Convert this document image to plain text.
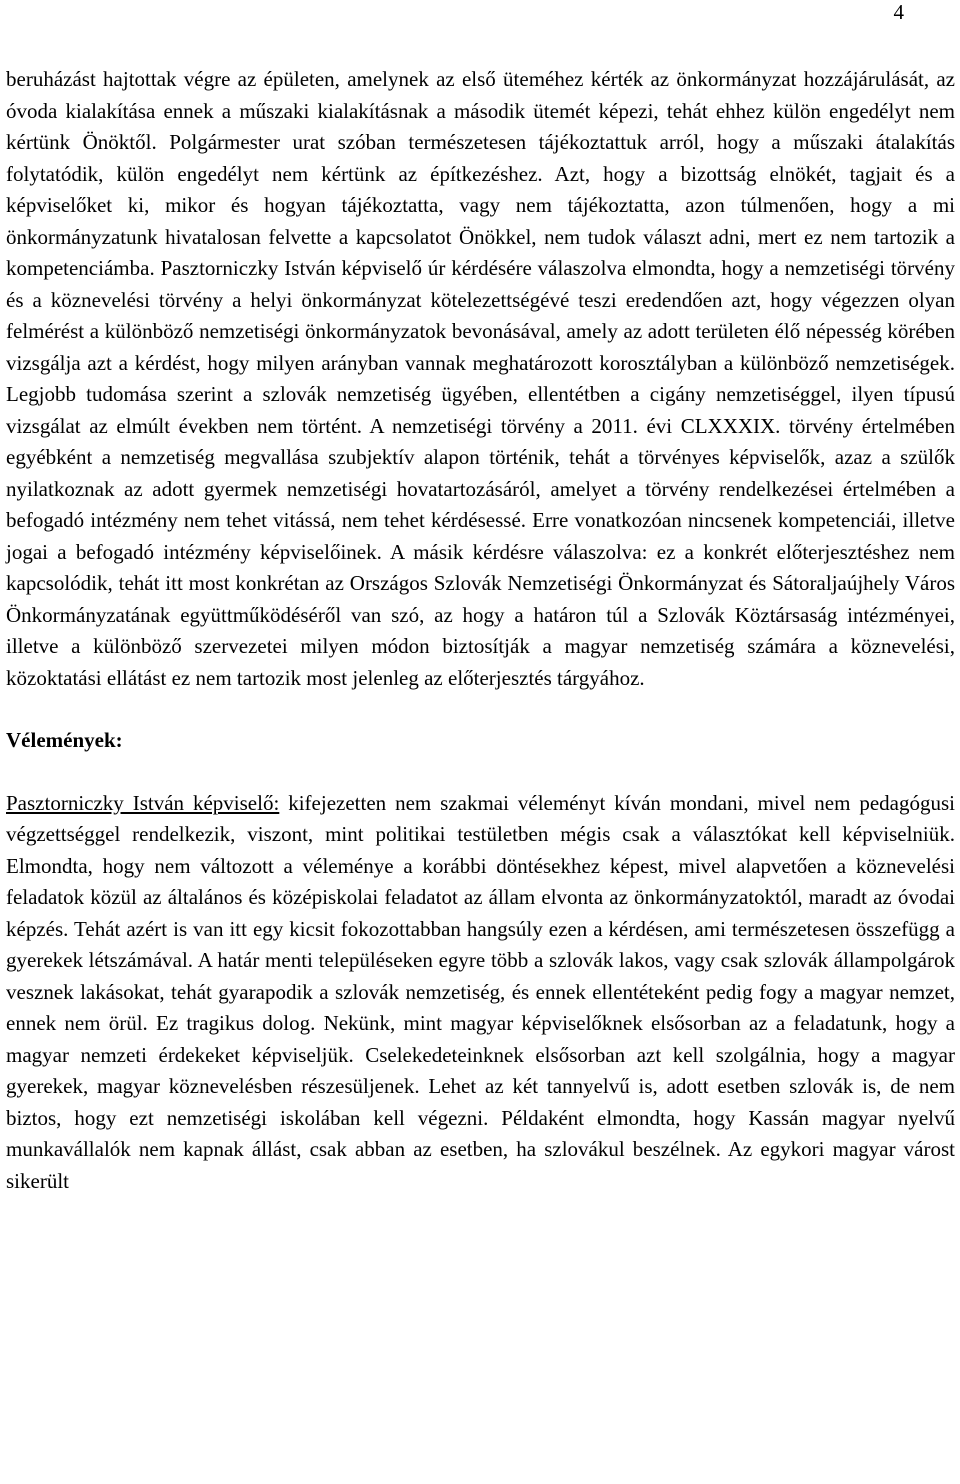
4

beruházást hajtottak végre az épületen, amelynek az első üteméhez kérték az önkormányzat hozzájárulását, az óvoda kialakítása ennek a műszaki kialakításnak a második ütemét képezi, tehát ehhez külön engedélyt nem kértünk Önöktől. Polgármester urat szóban természetesen tájékoztattuk arról, hogy a műszaki átalakítás folytatódik, külön engedélyt nem kértünk az építkezéshez. Azt, hogy a bizottság elnökét, tagjait és a képviselőket ki, mikor és hogyan tájékoztatta, vagy nem tájékoztatta, azon túlmenően, hogy a mi önkormányzatunk hivatalosan felvette a kapcsolatot Önökkel, nem tudok választ adni, mert ez nem tartozik a kompetenciámba. Pasztorniczky István képviselő úr kérdésére válaszolva elmondta, hogy a nemzetiségi törvény és a köznevelési törvény a helyi önkormányzat kötelezettségévé teszi eredendően azt, hogy végezzen olyan felmérést a különböző nemzetiségi önkormányzatok bevonásával, amely az adott területen élő népesség körében vizsgálja azt a kérdést, hogy milyen arányban vannak meghatározott korosztályban a különböző nemzetiségek. Legjobb tudomása szerint a szlovák nemzetiség ügyében, ellentétben a cigány nemzetiséggel, ilyen típusú vizsgálat az elmúlt években nem történt. A nemzetiségi törvény a 2011. évi CLXXXIX. törvény értelmében egyébként a nemzetiség megvallása szubjektív alapon történik, tehát a törvényes képviselők, azaz a szülők nyilatkoznak az adott gyermek nemzetiségi hovatartozásáról, amelyet a törvény rendelkezései értelmében a befogadó intézmény nem tehet vitássá, nem tehet kérdésessé. Erre vonatkozóan nincsenek kompetenciái, illetve jogai a befogadó intézmény képviselőinek. A másik kérdésre válaszolva: ez a konkrét előterjesztéshez nem kapcsolódik, tehát itt most konkrétan az Országos Szlovák Nemzetiségi Önkormányzat és Sátoraljaújhely Város Önkormányzatának együttműködéséről van szó, az hogy a határon túl a Szlovák Köztársaság intézményei, illetve a különböző szervezetei milyen módon biztosítják a magyar nemzetiség számára a köznevelési, közoktatási ellátást ez nem tartozik most jelenleg az előterjesztés tárgyához.

Vélemények:

Pasztorniczky István képviselő: kifejezetten nem szakmai véleményt kíván mondani, mivel nem pedagógusi végzettséggel rendelkezik, viszont, mint politikai testületben mégis csak a választókat kell képviselniük. Elmondta, hogy nem változott a véleménye a korábbi döntésekhez képest, mivel alapvetően a köznevelési feladatok közül az általános és középiskolai feladatot az állam elvonta az önkormányzatoktól, maradt az óvodai képzés. Tehát azért is van itt egy kicsit fokozottabban hangsúly ezen a kérdésen, ami természetesen összefügg a gyerekek létszámával. A határ menti településeken egyre több a szlovák lakos, vagy csak szlovák állampolgárok vesznek lakásokat, tehát gyarapodik a szlovák nemzetiség, és ennek ellentéteként pedig fogy a magyar nemzet, ennek nem örül. Ez tragikus dolog. Nekünk, mint magyar képviselőknek elsősorban az a feladatunk, hogy a magyar nemzeti érdekeket képviseljük. Cselekedeteinknek elsősorban azt kell szolgálnia, hogy a magyar gyerekek, magyar köznevelésben részesüljenek. Lehet az két tannyelvű is, adott esetben szlovák is, de nem biztos, hogy ezt nemzetiségi iskolában kell végezni. Példaként elmondta, hogy Kassán magyar nyelvű munkavállalók nem kapnak állást, csak abban az esetben, ha szlovákul beszélnek. Az egykori magyar várost sikerült
